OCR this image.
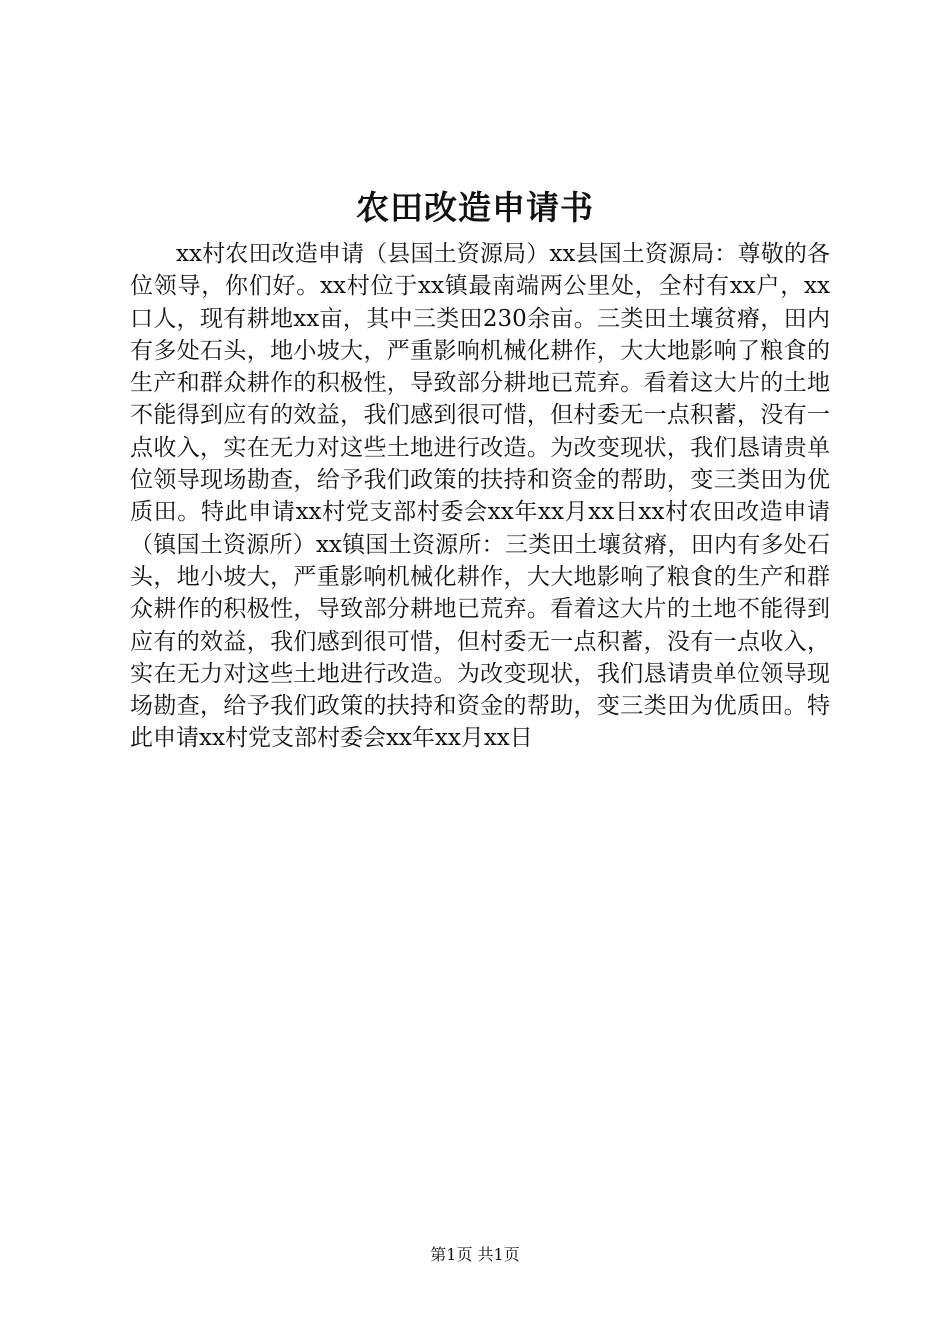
农田改造申请书

xx村农田改造申请（县国土资源局）xx县国土资源局：尊敬的各位领导，你们好。xx村位于xx镇最南端两公里处，全村有xx户，xx口人，现有耕地xx亩，其中三类田230余亩。三类田土壤贫瘠，田内有多处石头，地小坡大，严重影响机械化耕作，大大地影响了粮食的生产和群众耕作的积极性，导致部分耕地已荒弃。看着这大片的土地不能得到应有的效益，我们感到很可惜，但村委无一点积蓄，没有一点收入，实在无力对这些土地进行改造。为改变现状，我们恳请贵单位领导现场勘查，给予我们政策的扶持和资金的帮助，变三类田为优质田。特此申请xx村党支部村委会xx年xx月xx日xx村农田改造申请（镇国土资源所）xx镇国土资源所：三类田土壤贫瘠，田内有多处石头，地小坡大，严重影响机械化耕作，大大地影响了粮食的生产和群众耕作的积极性，导致部分耕地已荒弃。看着这大片的土地不能得到应有的效益，我们感到很可惜，但村委无一点积蓄，没有一点收入，实在无力对这些土地进行改造。为改变现状，我们恳请贵单位领导现场勘查，给予我们政策的扶持和资金的帮助，变三类田为优质田。特此申请xx村党支部村委会xx年xx月xx日

第1页 共1页
